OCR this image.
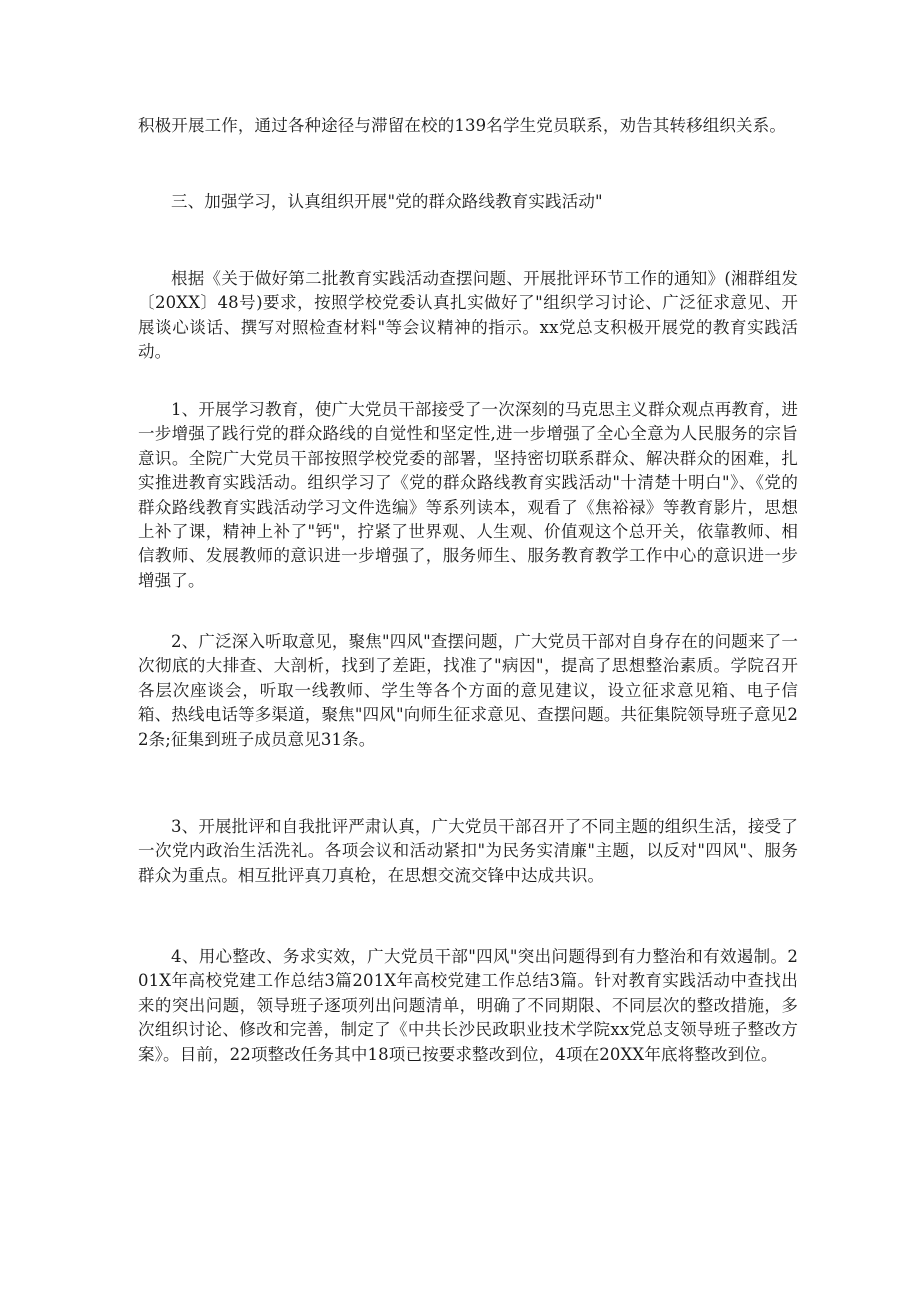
积极开展工作，通过各种途径与滞留在校的139名学生党员联系，劝告其转移组织关系。

三、加强学习，认真组织开展"党的群众路线教育实践活动"

根据《关于做好第二批教育实践活动查摆问题、开展批评环节工作的通知》(湘群组发〔20XX〕48号)要求，按照学校党委认真扎实做好了"组织学习讨论、广泛征求意见、开展谈心谈话、撰写对照检查材料"等会议精神的指示。xx党总支积极开展党的教育实践活动。

1、开展学习教育，使广大党员干部接受了一次深刻的马克思主义群众观点再教育，进一步增强了践行党的群众路线的自觉性和坚定性,进一步增强了全心全意为人民服务的宗旨意识。全院广大党员干部按照学校党委的部署，坚持密切联系群众、解决群众的困难，扎实推进教育实践活动。组织学习了《党的群众路线教育实践活动"十清楚十明白"》、《党的群众路线教育实践活动学习文件选编》等系列读本，观看了《焦裕禄》等教育影片，思想上补了课，精神上补了"钙"，拧紧了世界观、人生观、价值观这个总开关，依靠教师、相信教师、发展教师的意识进一步增强了，服务师生、服务教育教学工作中心的意识进一步增强了。

2、广泛深入听取意见，聚焦"四风"查摆问题，广大党员干部对自身存在的问题来了一次彻底的大排查、大剖析，找到了差距，找准了"病因"，提高了思想整治素质。学院召开各层次座谈会，听取一线教师、学生等各个方面的意见建议，设立征求意见箱、电子信箱、热线电话等多渠道，聚焦"四风"向师生征求意见、查摆问题。共征集院领导班子意见22条;征集到班子成员意见31条。

3、开展批评和自我批评严肃认真，广大党员干部召开了不同主题的组织生活，接受了一次党内政治生活洗礼。各项会议和活动紧扣"为民务实清廉"主题，以反对"四风"、服务群众为重点。相互批评真刀真枪，在思想交流交锋中达成共识。

4、用心整改、务求实效，广大党员干部"四风"突出问题得到有力整治和有效遏制。201X年高校党建工作总结3篇201X年高校党建工作总结3篇。针对教育实践活动中查找出来的突出问题，领导班子逐项列出问题清单，明确了不同期限、不同层次的整改措施，多次组织讨论、修改和完善，制定了《中共长沙民政职业技术学院xx党总支领导班子整改方案》。目前，22项整改任务其中18项已按要求整改到位，4项在20XX年底将整改到位。
